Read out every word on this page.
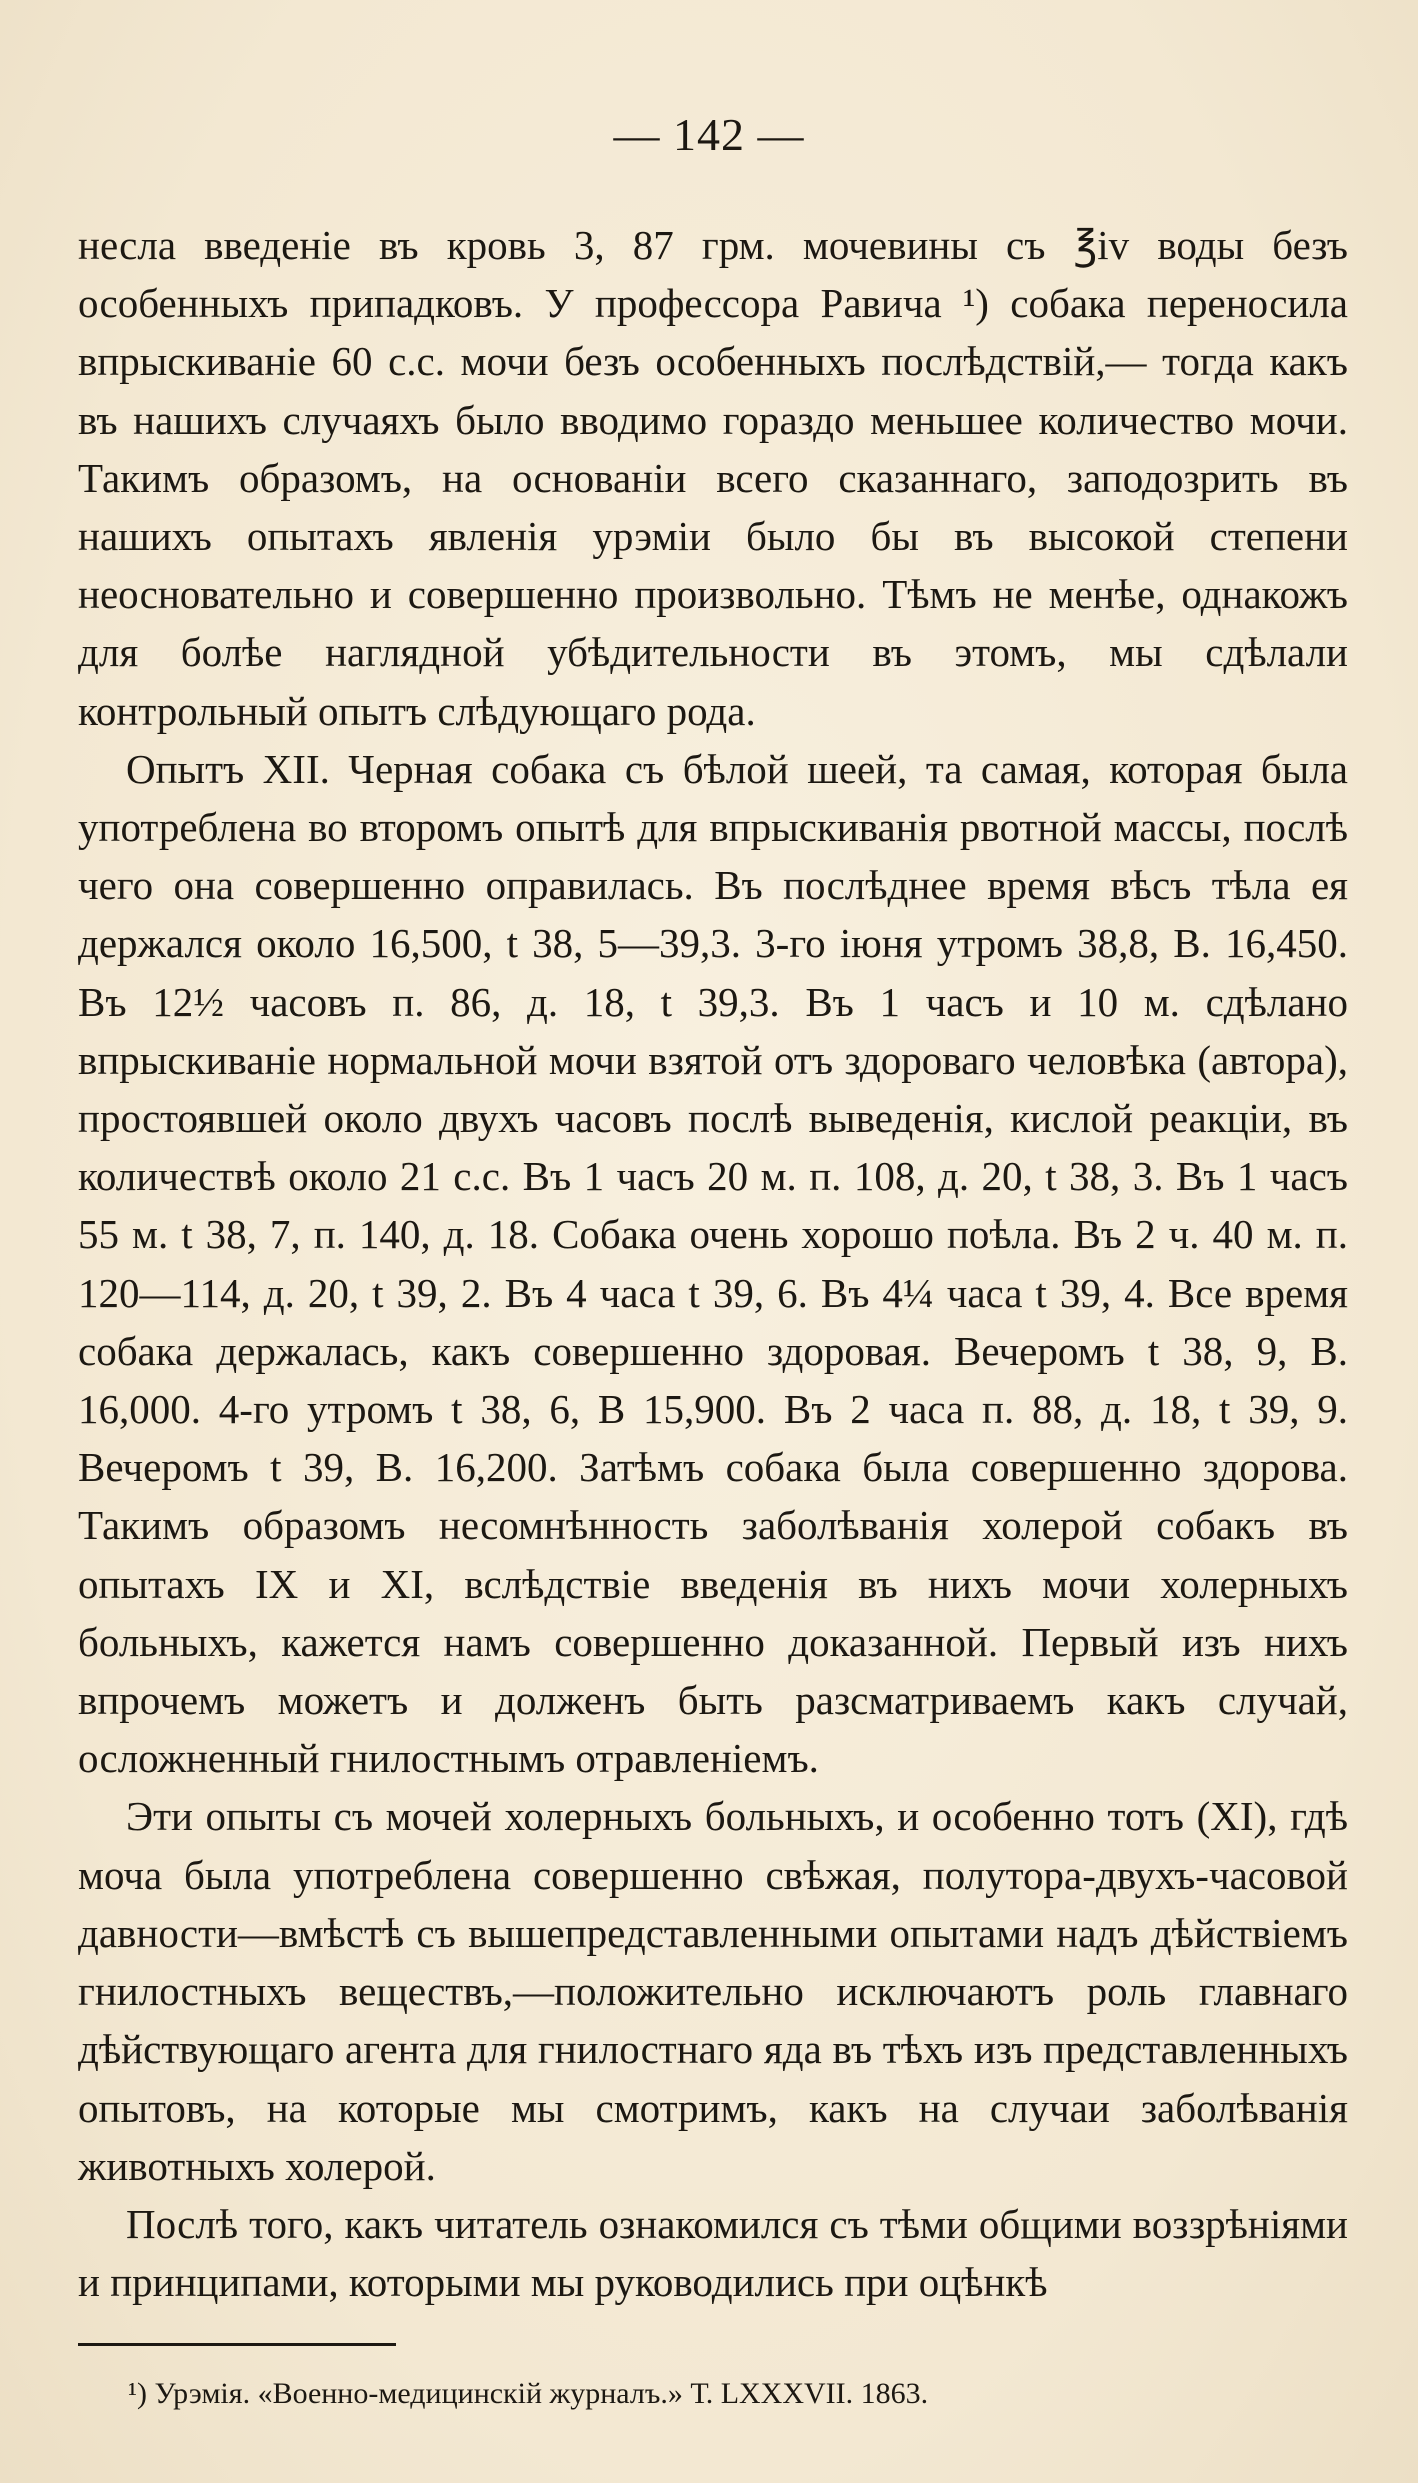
— 142 —

несла введеніе въ кровь 3, 87 грм. мочевины съ ℥iv воды безъ особенныхъ припадковъ. У профессора Равича ¹) собака переносила впрыскиваніе 60 с.с. мочи безъ особенныхъ послѣдствій,— тогда какъ въ нашихъ случаяхъ было вводимо гораздо меньшее количество мочи. Такимъ образомъ, на основаніи всего сказаннаго, заподозрить въ нашихъ опытахъ явленія урэміи было бы въ высокой степени неосновательно и совершенно произвольно. Тѣмъ не менѣе, однакожъ для болѣе наглядной убѣдительности въ этомъ, мы сдѣлали контрольный опытъ слѣдующаго рода.

Опытъ XII. Черная собака съ бѣлой шеей, та самая, которая была употреблена во второмъ опытѣ для впрыскиванія рвотной массы, послѣ чего она совершенно оправилась. Въ послѣднее время вѣсъ тѣла ея держался около 16,500, t 38, 5—39,3. 3-го іюня утромъ 38,8, В. 16,450. Въ 12½ часовъ п. 86, д. 18, t 39,3. Въ 1 часъ и 10 м. сдѣлано впрыскиваніе нормальной мочи взятой отъ здороваго человѣка (автора), простоявшей около двухъ часовъ послѣ выведенія, кислой реакціи, въ количествѣ около 21 с.с. Въ 1 часъ 20 м. п. 108, д. 20, t 38, 3. Въ 1 часъ 55 м. t 38, 7, п. 140, д. 18. Собака очень хорошо поѣла. Въ 2 ч. 40 м. п. 120—114, д. 20, t 39, 2. Въ 4 часа t 39, 6. Въ 4¼ часа t 39, 4. Все время собака держалась, какъ совершенно здоровая. Вечеромъ t 38, 9, В. 16,000. 4-го утромъ t 38, 6, В 15,900. Въ 2 часа п. 88, д. 18, t 39, 9. Вечеромъ t 39, В. 16,200. Затѣмъ собака была совершенно здорова. Такимъ образомъ несомнѣнность заболѣванія холерой собакъ въ опытахъ IX и XI, вслѣдствіе введенія въ нихъ мочи холерныхъ больныхъ, кажется намъ совершенно доказанной. Первый изъ нихъ впрочемъ можетъ и долженъ быть разсматриваемъ какъ случай, осложненный гнилостнымъ отравленіемъ.

Эти опыты съ мочей холерныхъ больныхъ, и особенно тотъ (XI), гдѣ моча была употреблена совершенно свѣжая, полутора-двухъ-часовой давности—вмѣстѣ съ вышепредставленными опытами надъ дѣйствіемъ гнилостныхъ веществъ,—положительно исключаютъ роль главнаго дѣйствующаго агента для гнилостнаго яда въ тѣхъ изъ представленныхъ опытовъ, на которые мы смотримъ, какъ на случаи заболѣванія животныхъ холерой.

Послѣ того, какъ читатель ознакомился съ тѣми общими воззрѣніями и принципами, которыми мы руководились при оцѣнкѣ

¹) Урэмія. «Военно-медицинскій журналъ.» Т. LXXXVII. 1863.
